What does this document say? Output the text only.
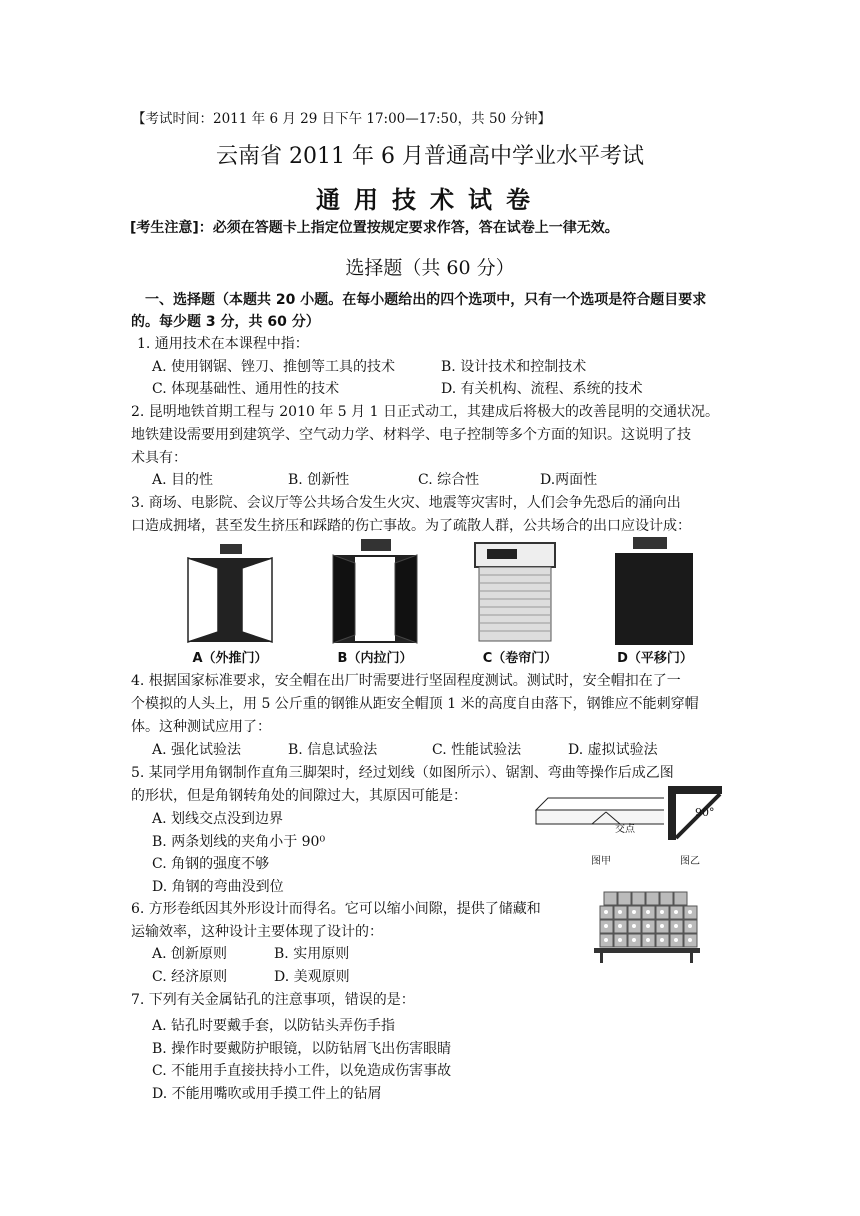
【考试时间：2011 年 6 月 29 日下午 17:00—17:50，共 50 分钟】
云南省 2011 年 6 月普通高中学业水平考试
通用技术试卷
[考生注意]：必须在答题卡上指定位置按规定要求作答，答在试卷上一律无效。
选择题（共 60 分）
一、选择题（本题共 20 小题。在每小题给出的四个选项中，只有一个选项是符合题目要求的。每少题 3 分，共 60 分）
1. 通用技术在本课程中指：
A. 使用钢锯、锉刀、推刨等工具的技术	B. 设计技术和控制技术
C. 体现基础性、通用性的技术	D. 有关机构、流程、系统的技术
2. 昆明地铁首期工程与 2010 年 5 月 1 日正式动工，其建成后将极大的改善昆明的交通状况。
地铁建设需要用到建筑学、空气动力学、材料学、电子控制等多个方面的知识。这说明了技
术具有：
A. 目的性	B. 创新性	C. 综合性	D.两面性
3. 商场、电影院、会议厅等公共场合发生火灾、地震等灾害时，人们会争先恐后的涌向出
口造成拥堵，甚至发生挤压和踩踏的伤亡事故。为了疏散人群，公共场合的出口应设计成：
A（外推门）	B（内拉门）	C（卷帘门）	D（平移门）
4. 根据国家标准要求，安全帽在出厂时需要进行坚固程度测试。测试时，安全帽扣在了一
个模拟的人头上，用 5 公斤重的钢锥从距安全帽顶 1 米的高度自由落下，钢锥应不能刺穿帽
体。这种测试应用了：
A. 强化试验法	B. 信息试验法	C. 性能试验法	D. 虚拟试验法
5. 某同学用角钢制作直角三脚架时，经过划线（如图所示）、锯割、弯曲等操作后成乙图
的形状，但是角钢转角处的间隙过大，其原因可能是：
A. 划线交点没到边界
B. 两条划线的夹角小于 90⁰
C. 角钢的强度不够
D. 角钢的弯曲没到位
交点
90°
图甲	图乙
6. 方形卷纸因其外形设计而得名。它可以缩小间隙，提供了储藏和
运输效率，这种设计主要体现了设计的：
A. 创新原则	B. 实用原则
C. 经济原则	D. 美观原则
7. 下列有关金属钻孔的注意事项，错误的是：
A. 钻孔时要戴手套，以防钻头弄伤手指
B. 操作时要戴防护眼镜，以防钻屑飞出伤害眼睛
C. 不能用手直接扶持小工件，以免造成伤害事故
D. 不能用嘴吹或用手摸工件上的钻屑
